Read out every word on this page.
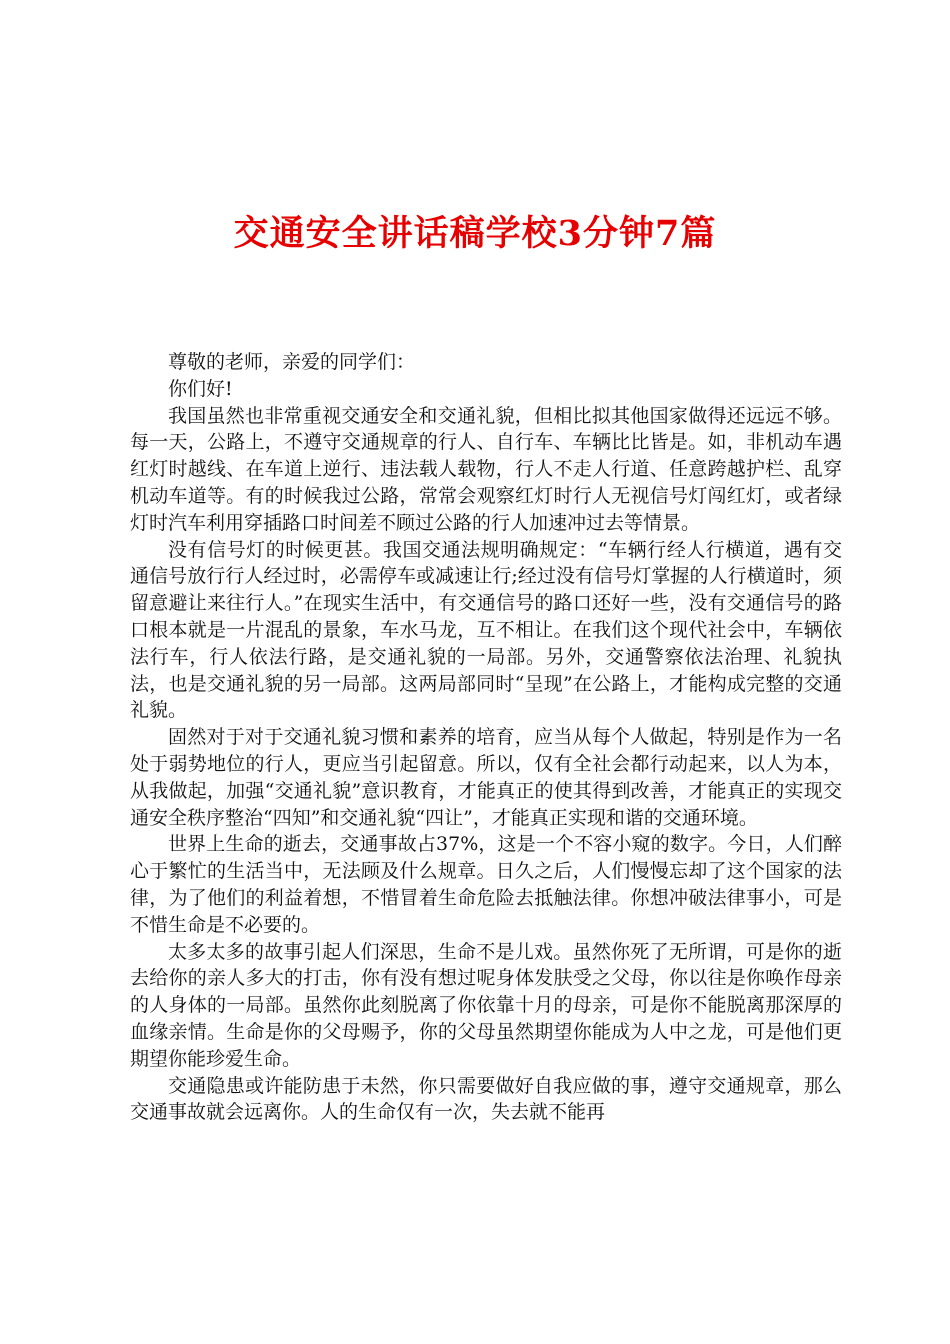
交通安全讲话稿学校3分钟7篇

尊敬的老师，亲爱的同学们：

你们好!

我国虽然也非常重视交通安全和交通礼貌，但相比拟其他国家做得还远远不够。每一天，公路上，不遵守交通规章的行人、自行车、车辆比比皆是。如，非机动车遇红灯时越线、在车道上逆行、违法载人载物，行人不走人行道、任意跨越护栏、乱穿机动车道等。有的时候我过公路，常常会观察红灯时行人无视信号灯闯红灯，或者绿灯时汽车利用穿插路口时间差不顾过公路的行人加速冲过去等情景。

没有信号灯的时候更甚。我国交通法规明确规定：“车辆行经人行横道，遇有交通信号放行行人经过时，必需停车或减速让行;经过没有信号灯掌握的人行横道时，须留意避让来往行人。”在现实生活中，有交通信号的路口还好一些，没有交通信号的路口根本就是一片混乱的景象，车水马龙，互不相让。在我们这个现代社会中，车辆依法行车，行人依法行路，是交通礼貌的一局部。另外，交通警察依法治理、礼貌执法，也是交通礼貌的另一局部。这两局部同时“呈现”在公路上，才能构成完整的交通礼貌。

固然对于对于交通礼貌习惯和素养的培育，应当从每个人做起，特别是作为一名处于弱势地位的行人，更应当引起留意。所以，仅有全社会都行动起来，以人为本，从我做起，加强“交通礼貌”意识教育，才能真正的使其得到改善，才能真正的实现交通安全秩序整治“四知”和交通礼貌“四让”，才能真正实现和谐的交通环境。

世界上生命的逝去，交通事故占37%，这是一个不容小窥的数字。今日，人们醉心于繁忙的生活当中，无法顾及什么规章。日久之后，人们慢慢忘却了这个国家的法律，为了他们的利益着想，不惜冒着生命危险去抵触法律。你想冲破法律事小，可是不惜生命是不必要的。

太多太多的故事引起人们深思，生命不是儿戏。虽然你死了无所谓，可是你的逝去给你的亲人多大的打击，你有没有想过呢身体发肤受之父母，你以往是你唤作母亲的人身体的一局部。虽然你此刻脱离了你依靠十月的母亲，可是你不能脱离那深厚的血缘亲情。生命是你的父母赐予，你的父母虽然期望你能成为人中之龙，可是他们更期望你能珍爱生命。

交通隐患或许能防患于未然，你只需要做好自我应做的事，遵守交通规章，那么交通事故就会远离你。人的生命仅有一次，失去就不能再
